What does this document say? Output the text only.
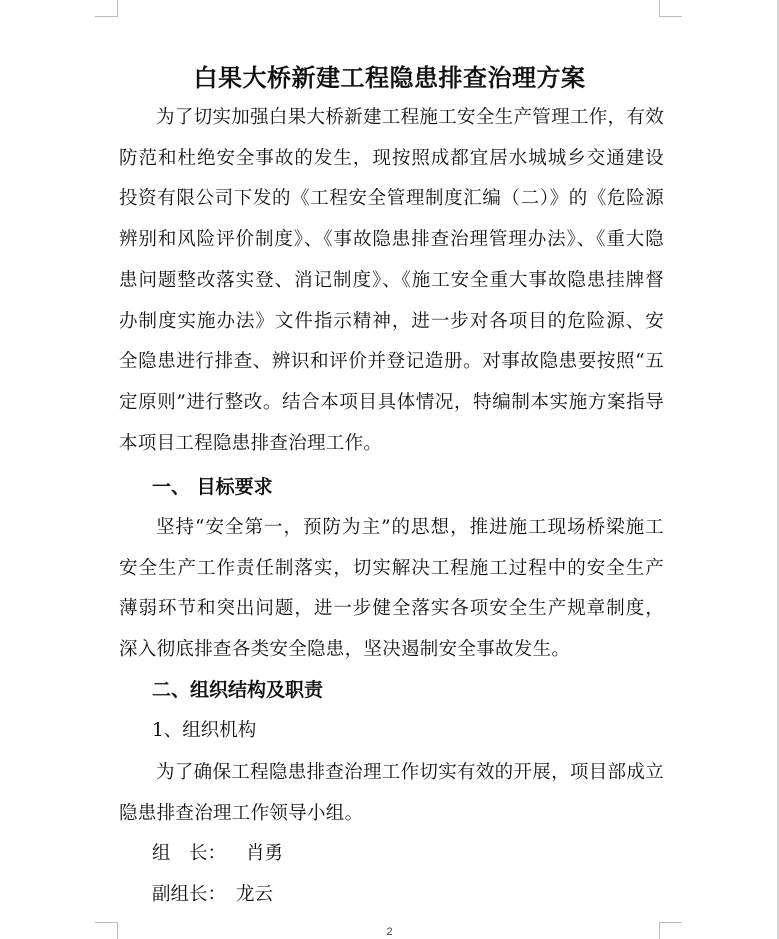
白果大桥新建工程隐患排查治理方案

为了切实加强白果大桥新建工程施工安全生产管理工作，有效防范和杜绝安全事故的发生，现按照成都宜居水城城乡交通建设投资有限公司下发的《工程安全管理制度汇编（二）》的《危险源辨别和风险评价制度》、《事故隐患排查治理管理办法》、《重大隐患问题整改落实登、消记制度》、《施工安全重大事故隐患挂牌督办制度实施办法》文件指示精神，进一步对各项目的危险源、安全隐患进行排查、辨识和评价并登记造册。对事故隐患要按照“五定原则”进行整改。结合本项目具体情况，特编制本实施方案指导本项目工程隐患排查治理工作。

一、 目标要求

坚持“安全第一，预防为主”的思想，推进施工现场桥梁施工安全生产工作责任制落实，切实解决工程施工过程中的安全生产薄弱环节和突出问题，进一步健全落实各项安全生产规章制度，深入彻底排查各类安全隐患，坚决遏制安全事故发生。

二、组织结构及职责

1、组织机构

为了确保工程隐患排查治理工作切实有效的开展，项目部成立隐患排查治理工作领导小组。

组　长： 肖勇

副组长： 龙云

2
